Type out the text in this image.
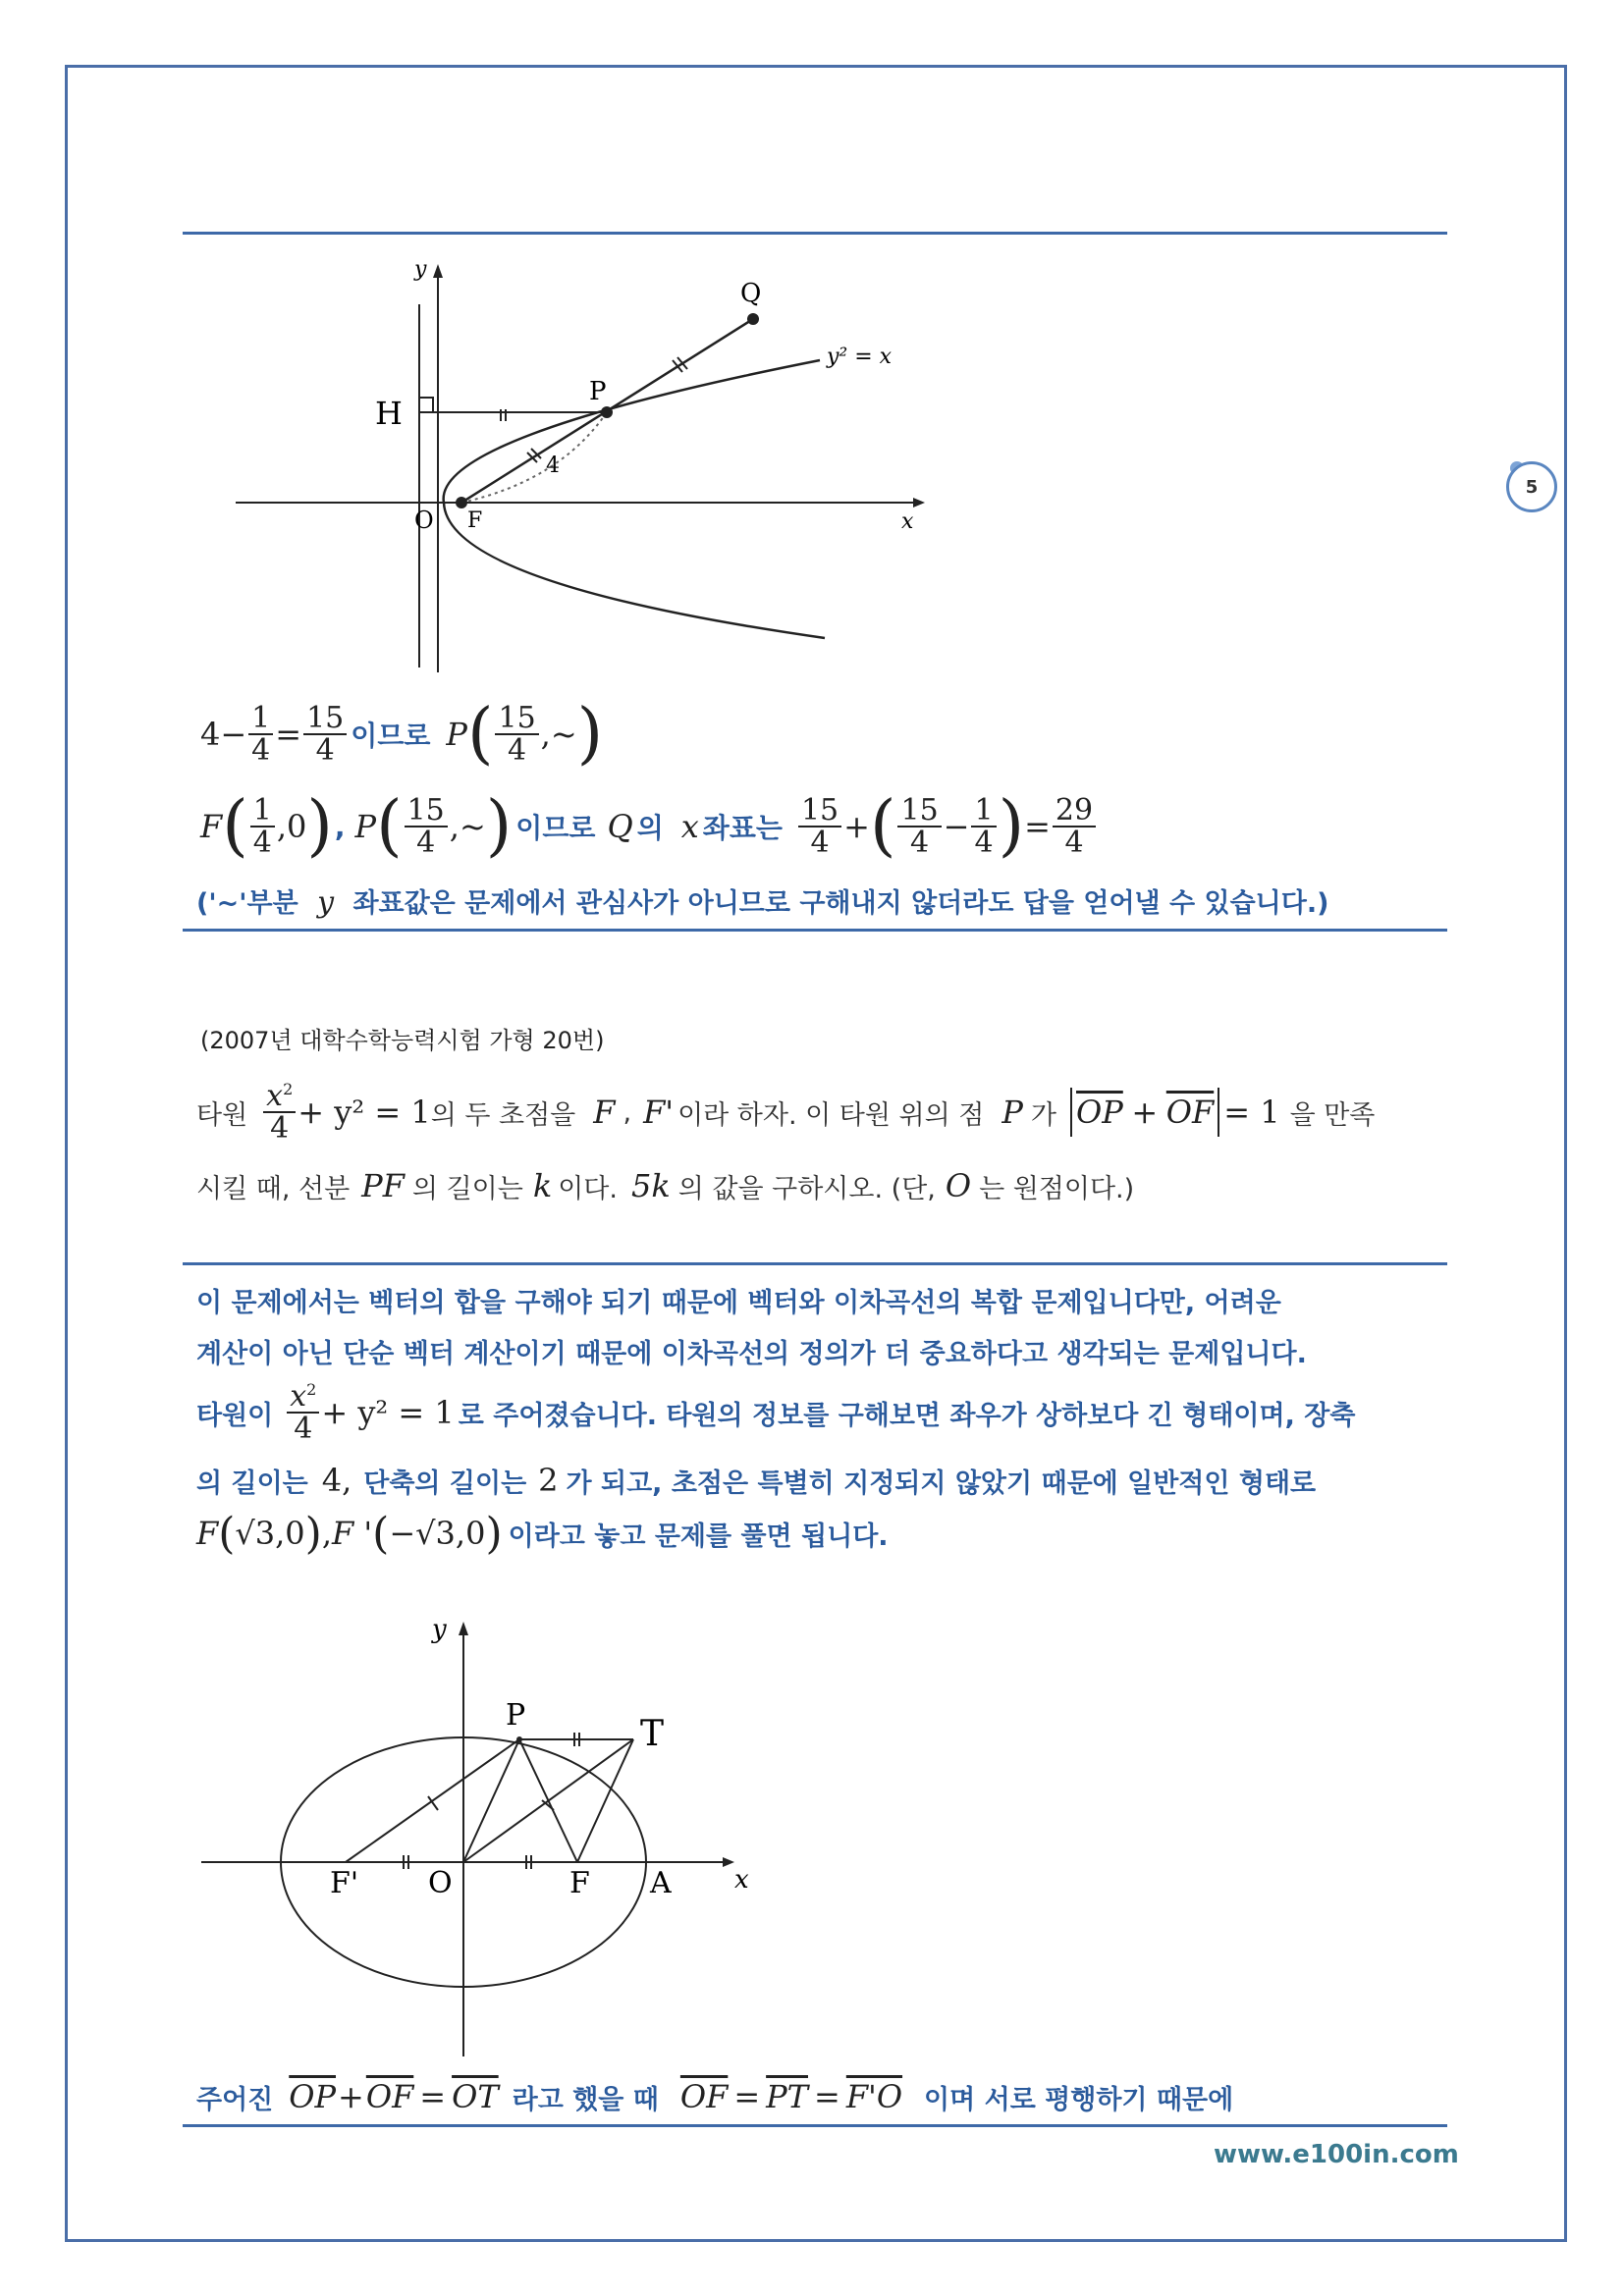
5
y
x
H
P
Q
O F
4
y² = x
$4 - \frac{1}{4} = \frac{15}{4}$ 이므로 P ( $\frac{15}{4}$ ,~ )
F ( $\frac{1}{4} ,0$ ) , P ( $\frac{15}{4}$ ,~ ) 이므로 Q 의 x 좌표는 $\frac{15}{4}$ + ( $\frac{15}{4} - \frac{1}{4}$ ) = $\frac{29}{4}$
('~'부분 y 좌표값은 문제에서 관심사가 아니므로 구해내지 않더라도 답을 얻어낼 수 있습니다.)
(2007년 대학수학능력시험 가형 20번)
타원 $\frac{x^2}{4} + y^2 = 1$ 의 두 초점을 F , F' 이라 하자. 이 타원 위의 점 P 가 $\overline{OP} + \overline{OF} = 1$ 을 만족
시킬 때, 선분 PF 의 길이는 k 이다. 5k 의 값을 구하시오. (단, O 는 원점이다.)
이 문제에서는 벡터의 합을 구해야 되기 때문에 벡터와 이차곡선의 복합 문제입니다만, 어려운
계산이 아닌 단순 벡터 계산이기 때문에 이차곡선의 정의가 더 중요하다고 생각되는 문제입니다.
타원이 $\frac{x^2}{4} + y^2 = 1$ 로 주어졌습니다. 타원의 정보를 구해보면 좌우가 상하보다 긴 형태이며, 장축
의 길이는 4, 단축의 길이는 2 가 되고, 초점은 특별히 지정되지 않았기 때문에 일반적인 형태로
F ( √3,0 ) , F ' ( −√3,0 ) 이라고 놓고 문제를 풀면 됩니다.
y
x
P	T
F' O	F A
주어진 $\overline{OP} + \overline{OF} = \overline{OT}$ 라고 했을 때 $\overline{OF} = \overline{PT} = F'O$ 이며 서로 평행하기 때문에
www.e100in.com
